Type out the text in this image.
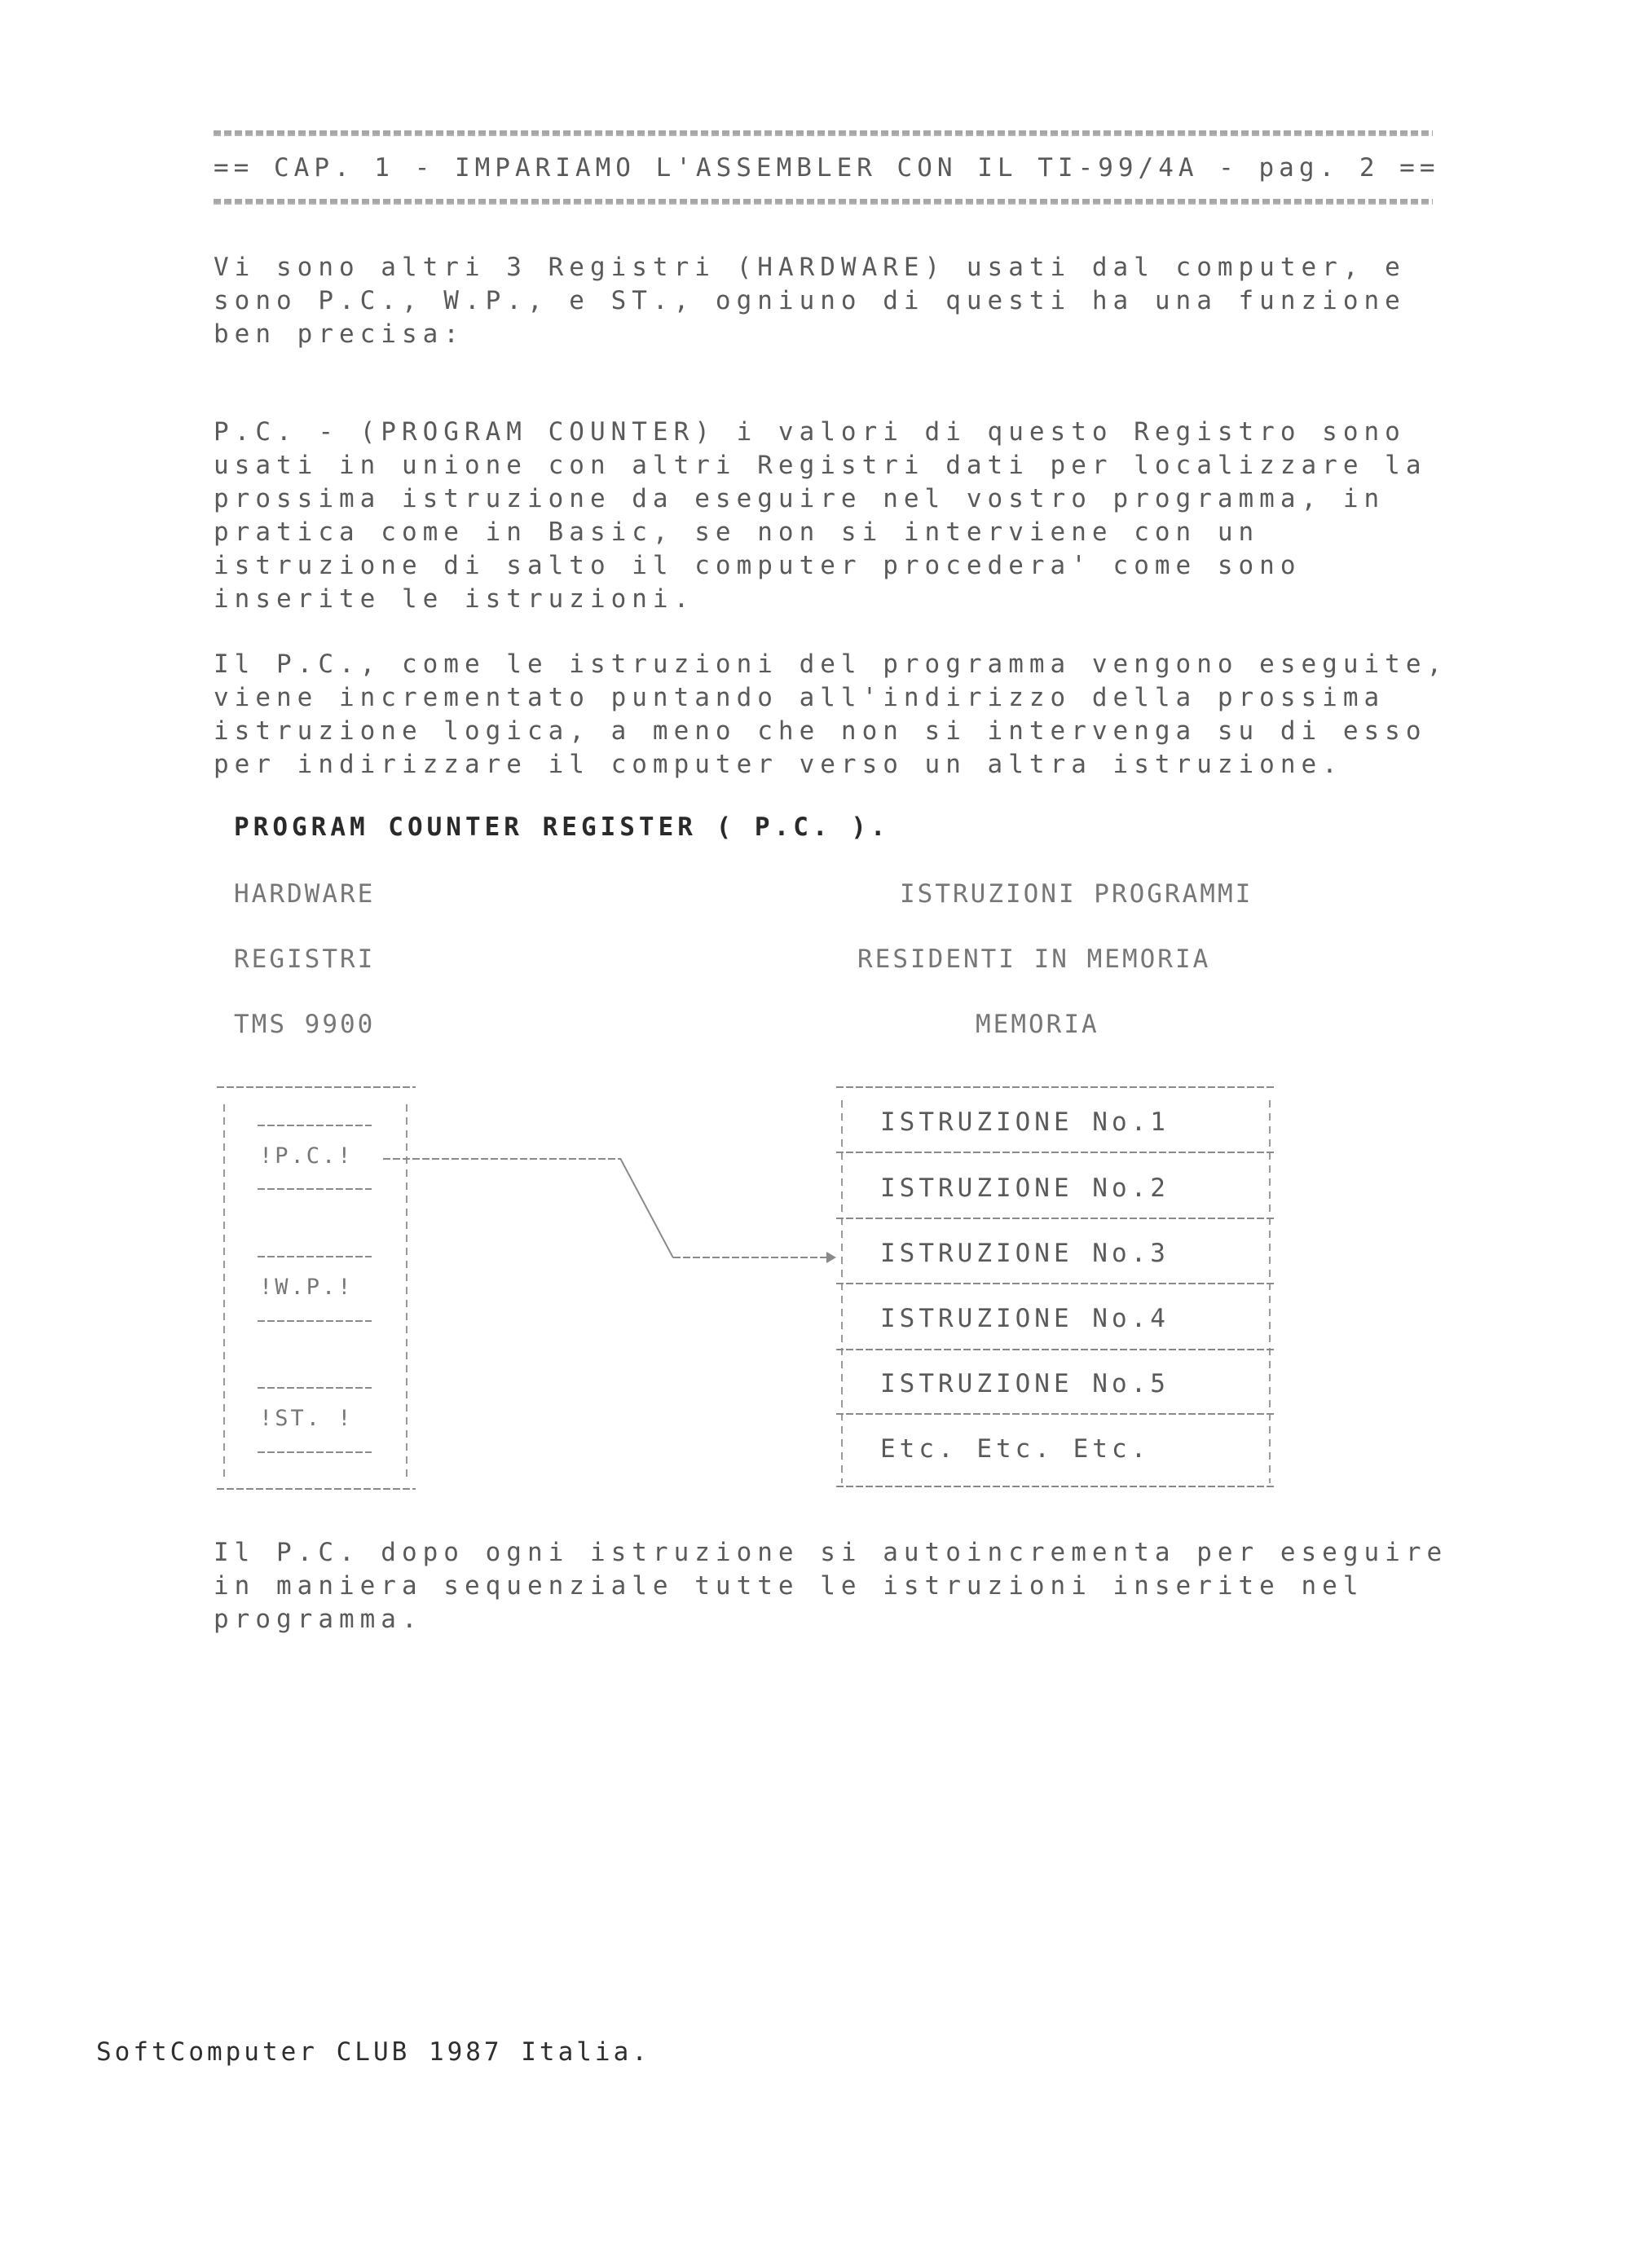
== CAP. 1 - IMPARIAMO L'ASSEMBLER CON IL TI-99/4A - pag. 2 ==
Vi sono altri 3 Registri (HARDWARE) usati dal computer, e
sono P.C., W.P., e ST., ogniuno di questi ha una funzione
ben precisa:
P.C. - (PROGRAM COUNTER) i valori di questo Registro sono
usati in unione con altri Registri dati per localizzare la
prossima istruzione da eseguire nel vostro programma, in
pratica come in Basic, se non si interviene con un
istruzione di salto il computer procedera' come sono
inserite le istruzioni.
Il P.C., come le istruzioni del programma vengono eseguite,
viene incrementato puntando all'indirizzo della prossima
istruzione logica, a meno che non si intervenga su di esso
per indirizzare il computer verso un altra istruzione.
PROGRAM COUNTER REGISTER ( P.C. ).
HARDWARE
REGISTRI
TMS 9900
ISTRUZIONI PROGRAMMI
RESIDENTI IN MEMORIA
MEMORIA
!P.C.!
!W.P.!
!ST. !
ISTRUZIONE No.1
ISTRUZIONE No.2
ISTRUZIONE No.3
ISTRUZIONE No.4
ISTRUZIONE No.5
Etc. Etc. Etc.
Il P.C. dopo ogni istruzione si autoincrementa per eseguire
in maniera sequenziale tutte le istruzioni inserite nel
programma.
SoftComputer CLUB 1987 Italia.
